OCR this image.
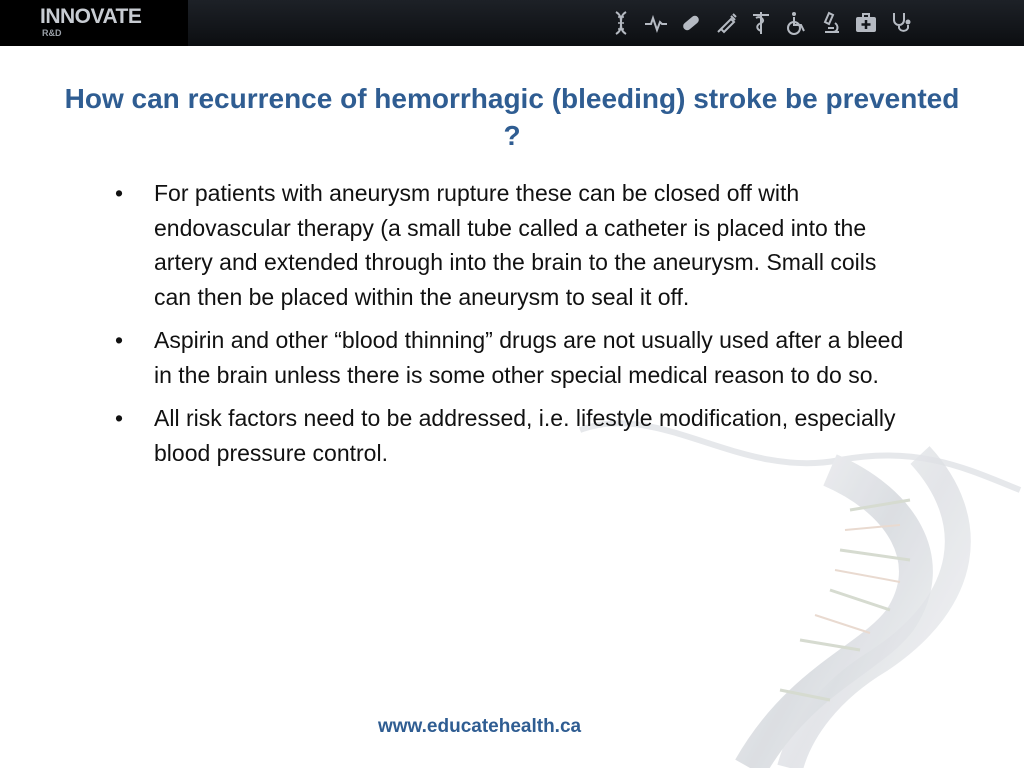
INNOVATE
R&D
How can recurrence of hemorrhagic (bleeding) stroke be prevented ?
• For patients with aneurysm rupture these can be closed off with endovascular therapy (a small tube called a catheter is placed into the artery and extended through into the brain to the aneurysm. Small coils can then be placed within the aneurysm to seal it off.
• Aspirin and other “blood thinning” drugs are not usually used after a bleed in the brain unless there is some other special medical reason to do so.
• All risk factors need to be addressed, i.e. lifestyle modification, especially blood pressure control.
www.educatehealth.ca
